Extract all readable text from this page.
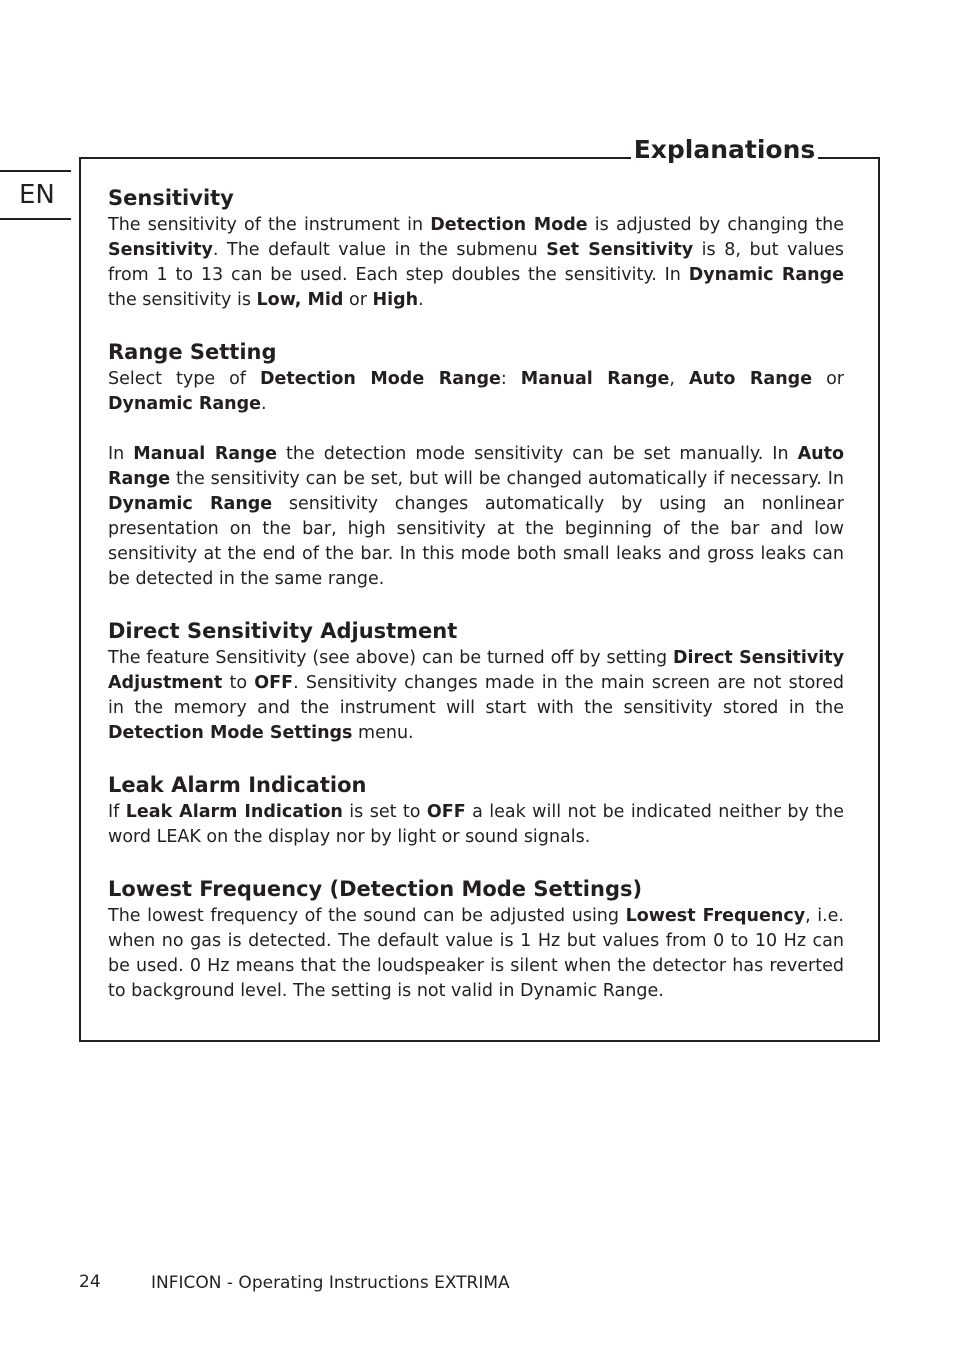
EN
Explanations
Sensitivity

The sensitivity of the instrument in Detection Mode is adjusted by changing the Sensitivity. The default value in the submenu Set Sensitivity is 8, but values from 1 to 13 can be used. Each step doubles the sensitivity. In Dynamic Range the sensitivity is Low, Mid or High.

Range Setting

Select type of Detection Mode Range: Manual Range, Auto Range or Dynamic Range.

In Manual Range the detection mode sensitivity can be set manually. In Auto Range the sensitivity can be set, but will be changed automatically if necessary. In Dynamic Range sensitivity changes automatically by using an nonlinear presentation on the bar, high sensitivity at the beginning of the bar and low sensitivity at the end of the bar. In this mode both small leaks and gross leaks can be detected in the same range.

Direct Sensitivity Adjustment

The feature Sensitivity (see above) can be turned off by setting Direct Sensitivity Adjustment to OFF. Sensitivity changes made in the main screen are not stored in the memory and the instrument will start with the sensitivity stored in the Detection Mode Settings menu.

Leak Alarm Indication

If Leak Alarm Indication is set to OFF a leak will not be indicated neither by the word LEAK on the display nor by light or sound signals.

Lowest Frequency (Detection Mode Settings)

The lowest frequency of the sound can be adjusted using Lowest Frequency, i.e. when no gas is detected. The default value is 1 Hz but values from 0 to 10 Hz can be used. 0 Hz means that the loudspeaker is silent when the detector has reverted to background level. The setting is not valid in Dynamic Range.

24	INFICON - Operating Instructions EXTRIMA
